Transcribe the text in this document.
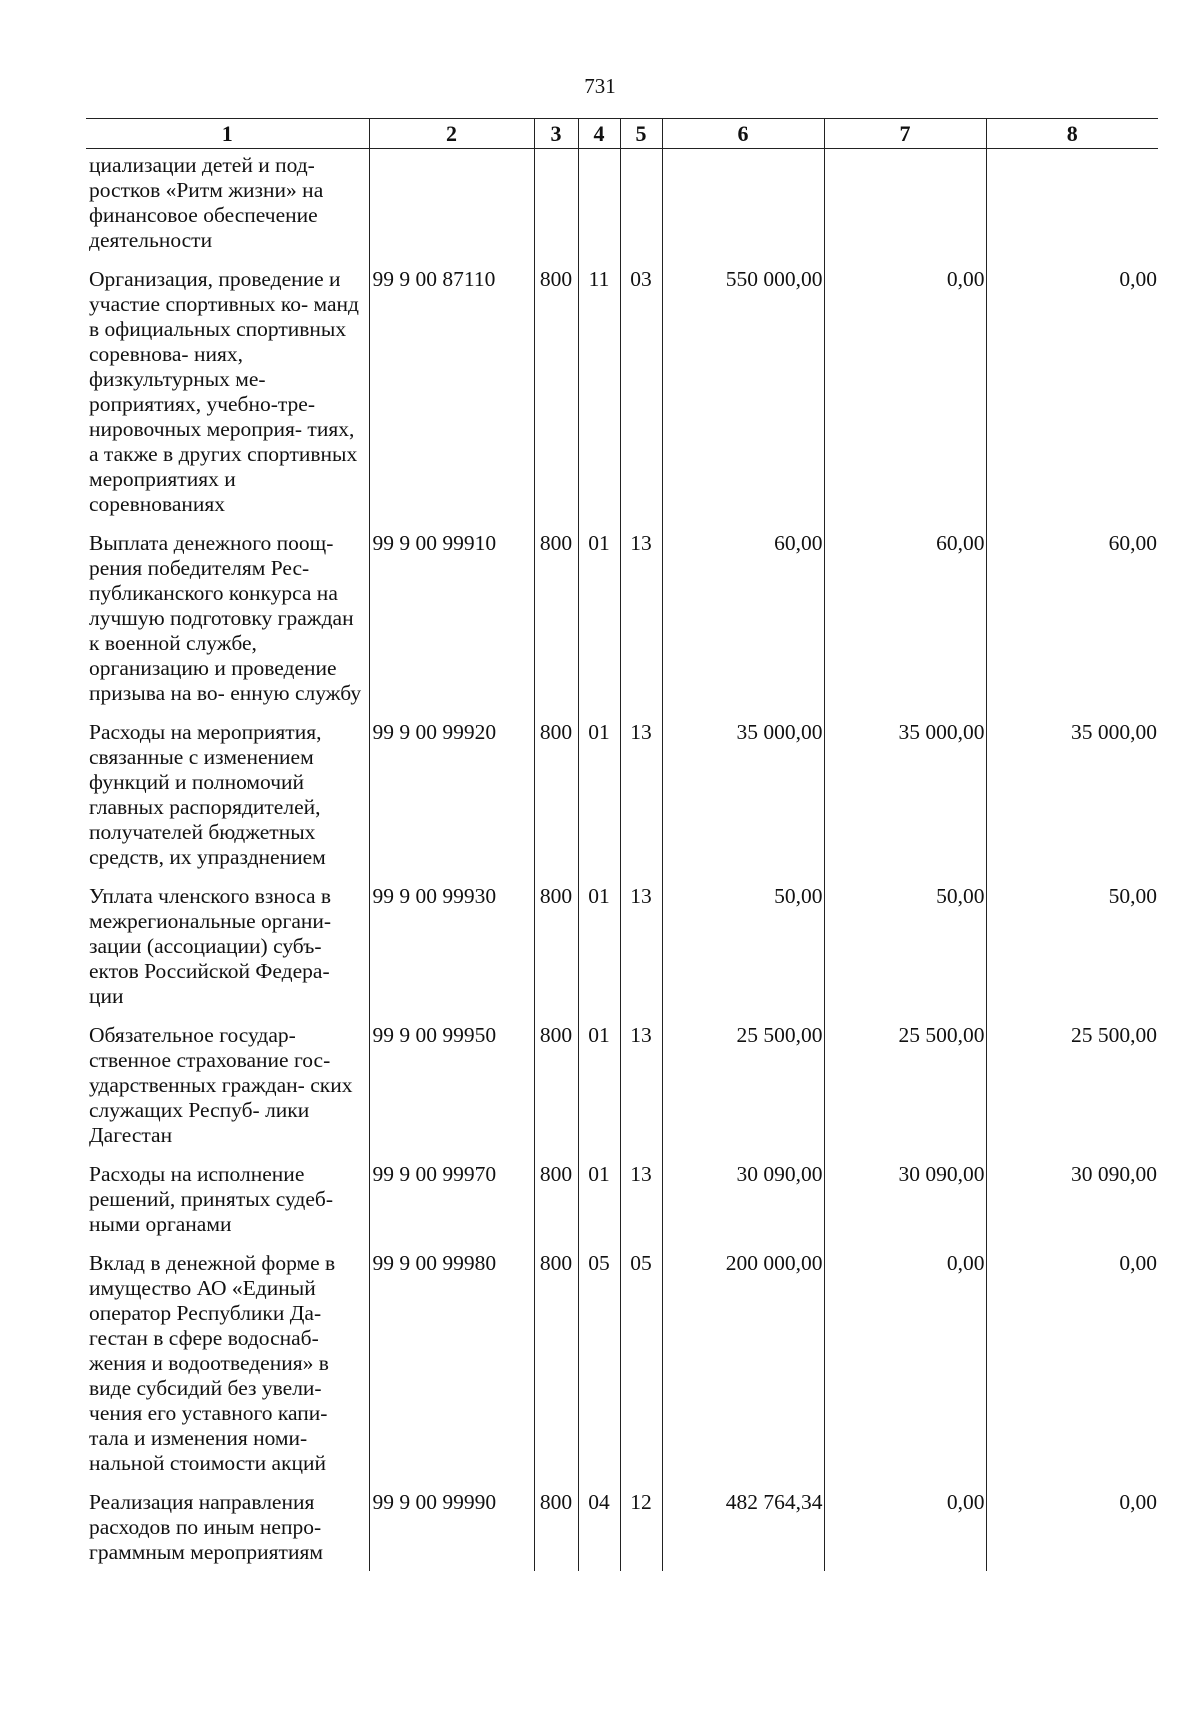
731
1	2	3	4	5	6	7	8
циализации детей и под- ростков «Ритм жизни» на финансовое обеспечение деятельности							
Организация, проведение и участие спортивных ко- манд в официальных спортивных соревнова- ниях, физкультурных ме- роприятиях, учебно-тре- нировочных мероприя- тиях, а также в других спортивных мероприятиях и соревнованиях	99 9 00 87110	800	11	03	550 000,00	0,00	0,00
Выплата денежного поощ- рения победителям Рес- публиканского конкурса на лучшую подготовку граждан к военной службе, организацию и проведение призыва на во- енную службу	99 9 00 99910	800	01	13	60,00	60,00	60,00
Расходы на мероприятия, связанные с изменением функций и полномочий главных распорядителей, получателей бюджетных средств, их упразднением	99 9 00 99920	800	01	13	35 000,00	35 000,00	35 000,00
Уплата членского взноса в межрегиональные органи- зации (ассоциации) субъ- ектов Российской Федера- ции	99 9 00 99930	800	01	13	50,00	50,00	50,00
Обязательное государ- ственное страхование гос- ударственных граждан- ских служащих Респуб- лики Дагестан	99 9 00 99950	800	01	13	25 500,00	25 500,00	25 500,00
Расходы на исполнение решений, принятых судеб- ными органами	99 9 00 99970	800	01	13	30 090,00	30 090,00	30 090,00
Вклад в денежной форме в имущество АО «Единый оператор Республики Да- гестан в сфере водоснаб- жения и водоотведения» в виде субсидий без увели- чения его уставного капи- тала и изменения номи- нальной стоимости акций	99 9 00 99980	800	05	05	200 000,00	0,00	0,00
Реализация направления расходов по иным непро- граммным мероприятиям	99 9 00 99990	800	04	12	482 764,34	0,00	0,00
